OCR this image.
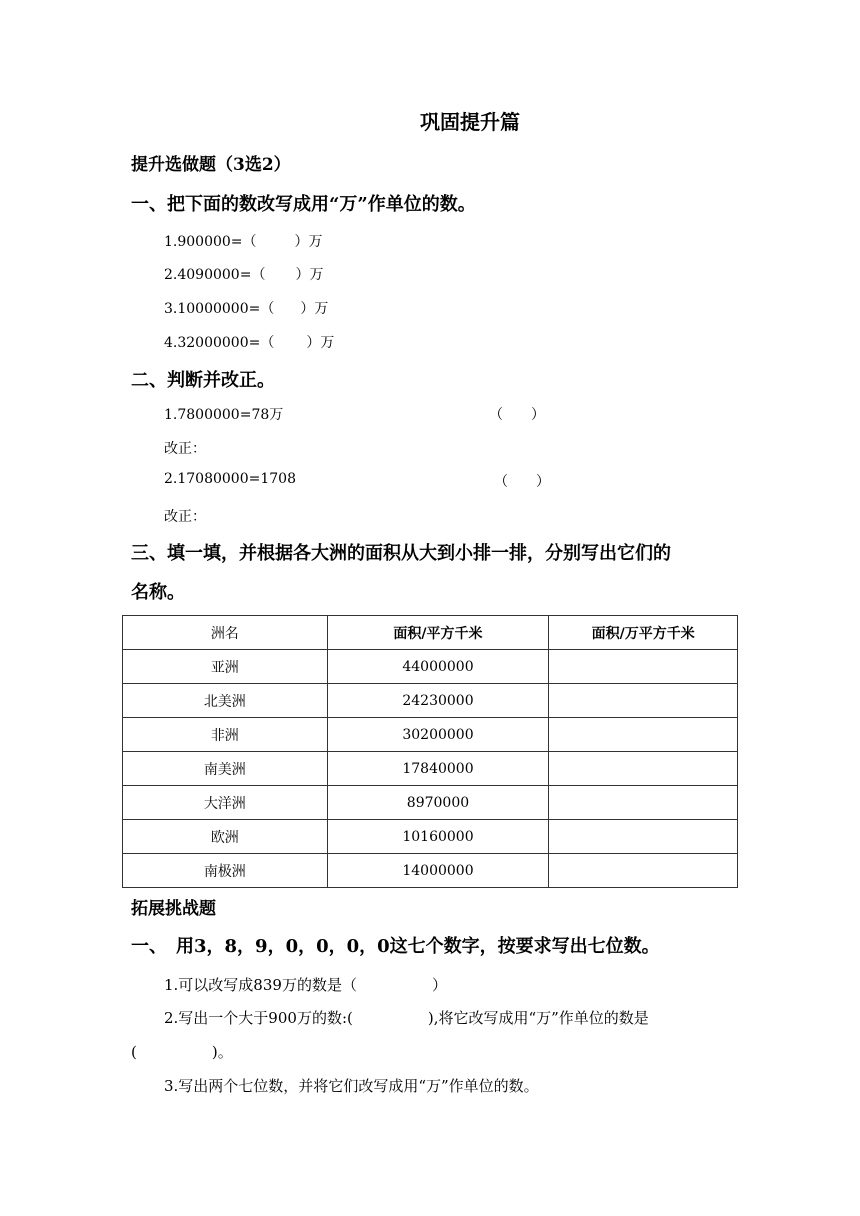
巩固提升篇
提升选做题（3选2）
一、把下面的数改写成用“万”作单位的数。
1.900000=（	）万
2.4090000=（ ）万
3.10000000=（ ）万
4.32000000=（ ）万
二、判断并改正。
1.7800000=78万	（　　）
改正：
2.17080000=1708	（　　）
改正：
三、填一填，并根据各大洲的面积从大到小排一排，分别写出它们的
名称。
洲名	面积/平方千米	面积/万平方千米
亚洲	44000000	
北美洲	24230000	
非洲	30200000	
南美洲	17840000	
大洋洲	8970000	
欧洲	10160000	
南极洲	14000000	
拓展挑战题
一、　用3，8，9，0，0，0，0这七个数字，按要求写出七位数。
1.可以改写成839万的数是（　　　　　）
2.写出一个大于900万的数:(　　　　　),将它改写成用“万”作单位的数是
(　　　　　)。
3.写出两个七位数，并将它们改写成用“万”作单位的数。
